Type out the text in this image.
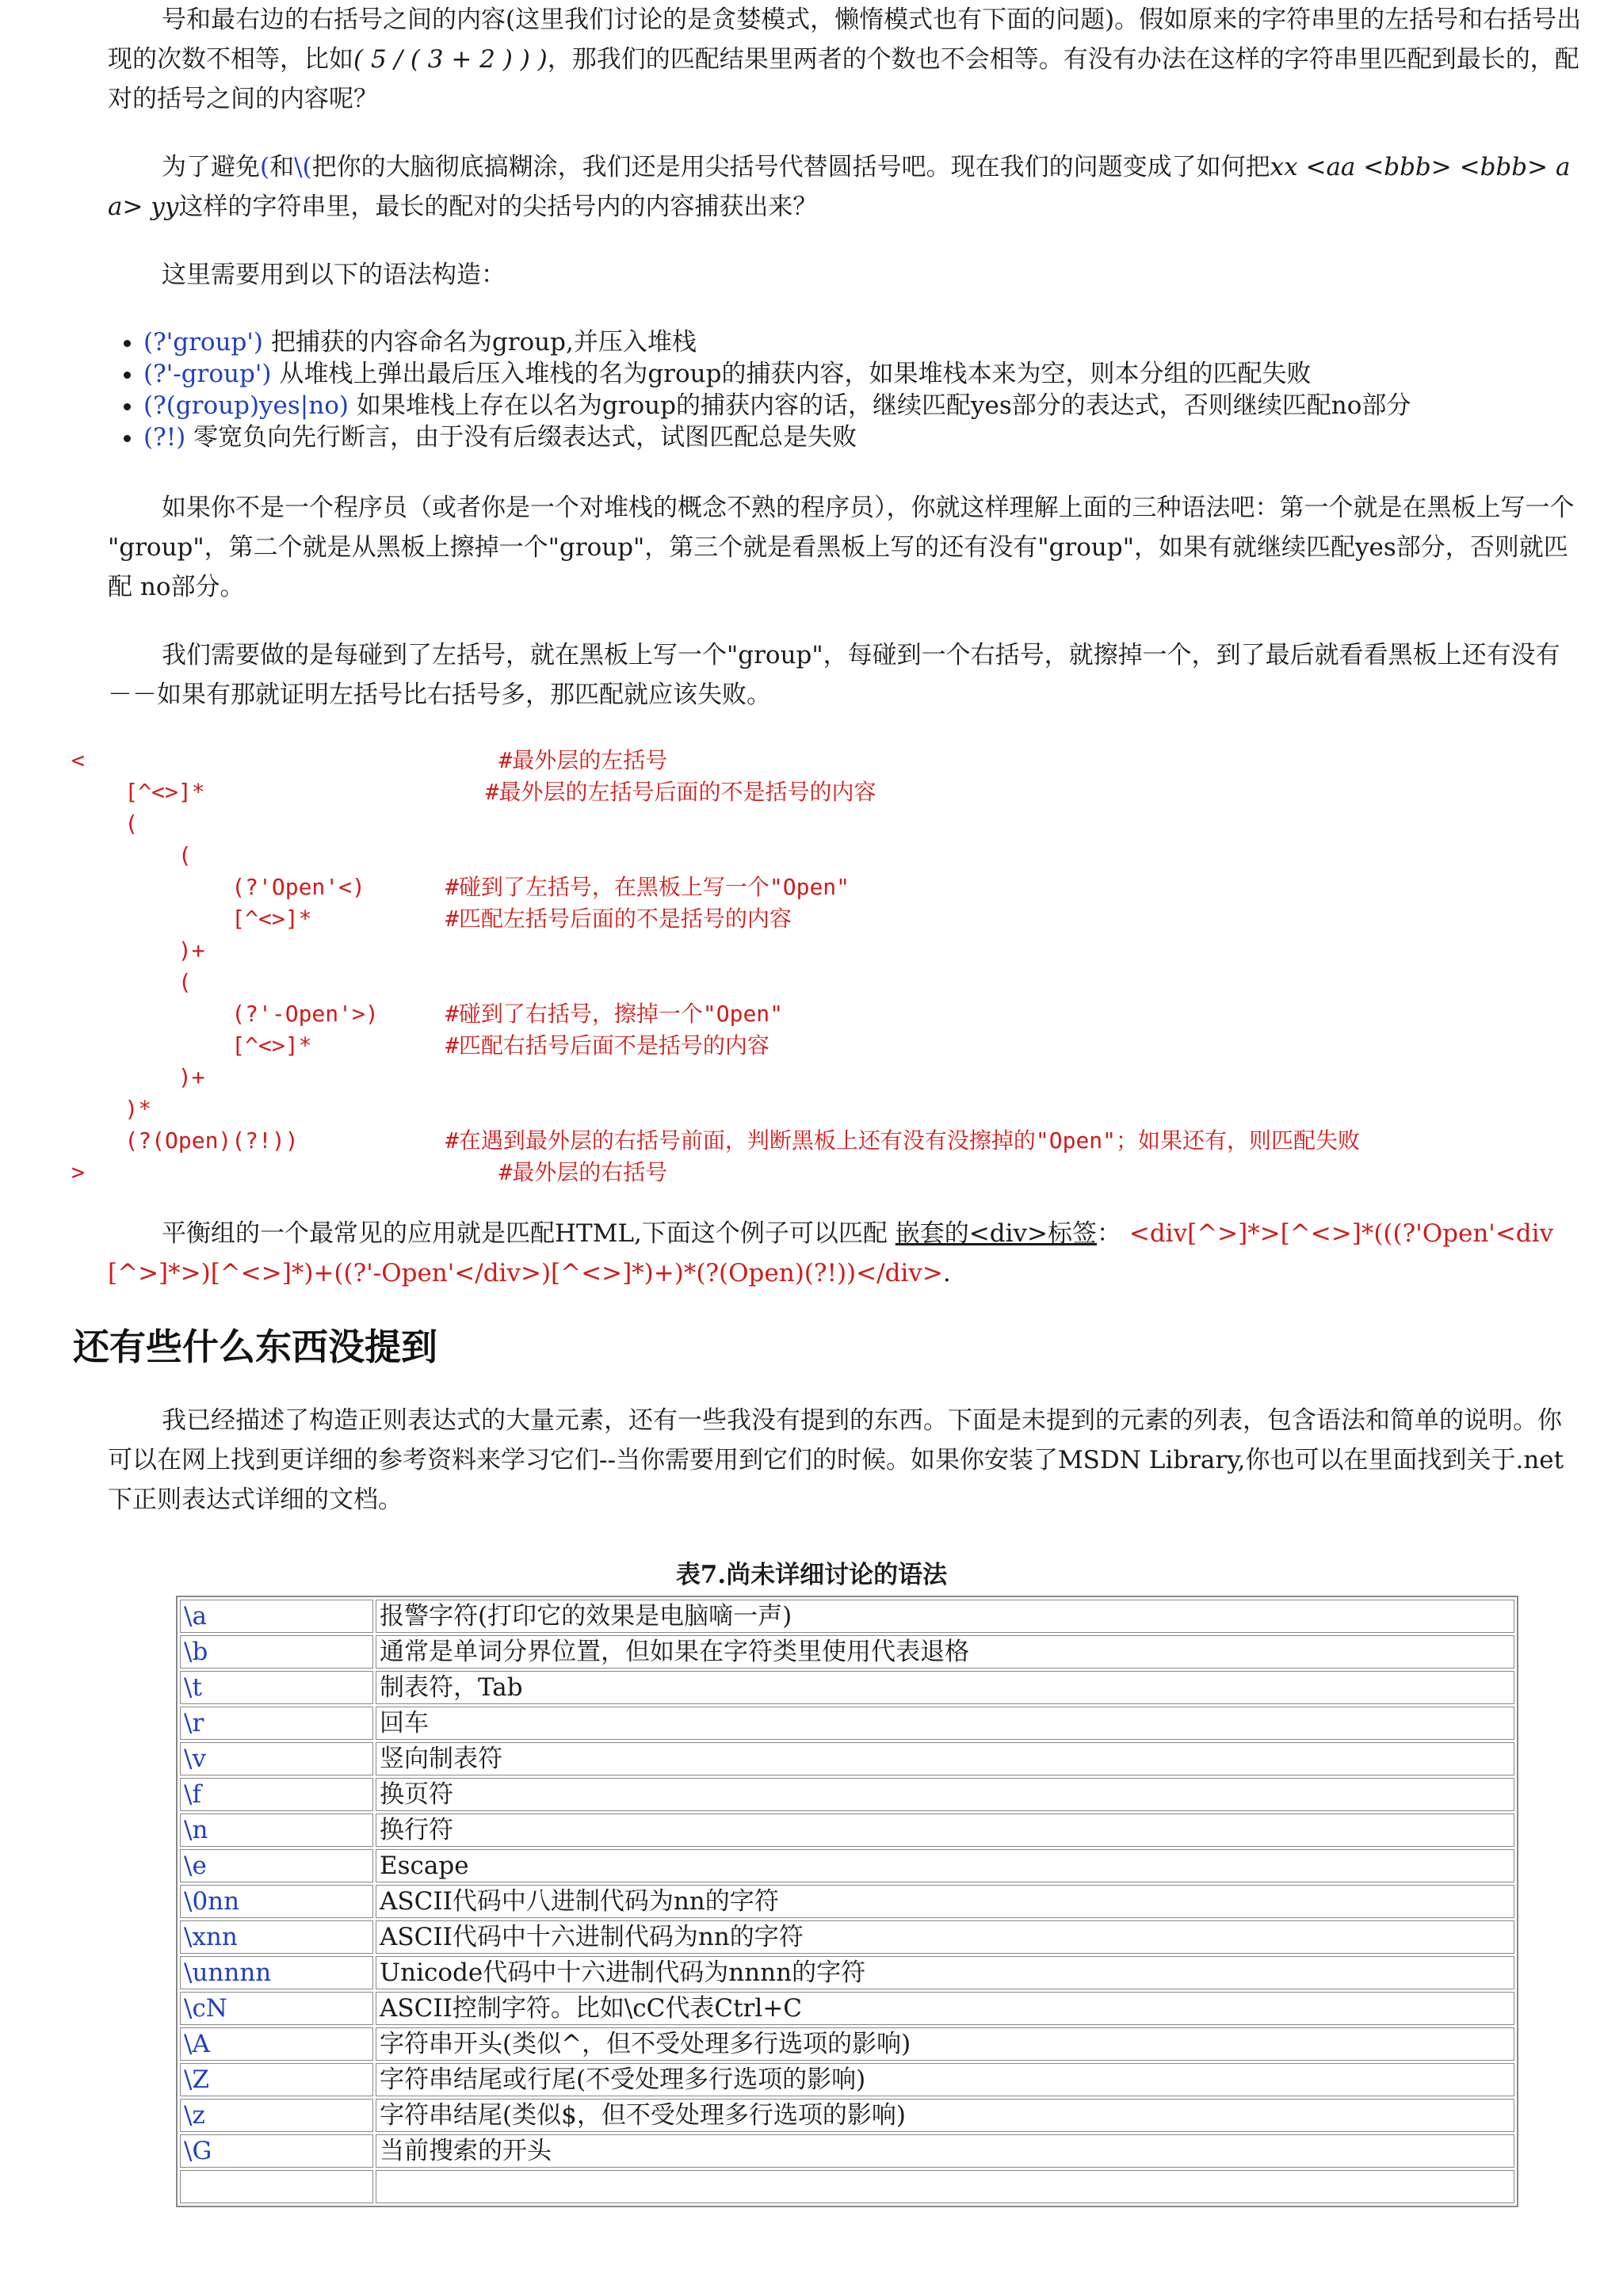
号和最右边的右括号之间的内容(这里我们讨论的是贪婪模式，懒惰模式也有下面的问题)。假如原来的字符串里的左括号和右括号出现的次数不相等，比如( 5 / ( 3 + 2 ) ) )，那我们的匹配结果里两者的个数也不会相等。有没有办法在这样的字符串里匹配到最长的，配对的括号之间的内容呢？

为了避免(和\(把你的大脑彻底搞糊涂，我们还是用尖括号代替圆括号吧。现在我们的问题变成了如何把xx <aa <bbb> <bbb> aa> yy这样的字符串里，最长的配对的尖括号内的内容捕获出来？

这里需要用到以下的语法构造：

• (?'group') 把捕获的内容命名为group,并压入堆栈
• (?'-group') 从堆栈上弹出最后压入堆栈的名为group的捕获内容，如果堆栈本来为空，则本分组的匹配失败
• (?(group)yes|no) 如果堆栈上存在以名为group的捕获内容的话，继续匹配yes部分的表达式，否则继续匹配no部分
• (?!) 零宽负向先行断言，由于没有后缀表达式，试图匹配总是失败

如果你不是一个程序员（或者你是一个对堆栈的概念不熟的程序员），你就这样理解上面的三种语法吧：第一个就是在黑板上写一个 "group"，第二个就是从黑板上擦掉一个"group"，第三个就是看黑板上写的还有没有"group"，如果有就继续匹配yes部分，否则就匹配 no部分。

我们需要做的是每碰到了左括号，就在黑板上写一个"group"，每碰到一个右括号，就擦掉一个，到了最后就看看黑板上还有没有－－如果有那就证明左括号比右括号多，那匹配就应该失败。

<                               #最外层的左括号
[^<>]*                     #最外层的左括号后面的不是括号的内容
(
(
(?'Open'<)      #碰到了左括号，在黑板上写一个"Open"
[^<>]*          #匹配左括号后面的不是括号的内容
)+
(
(?'-Open'>)     #碰到了右括号，擦掉一个"Open"
[^<>]*          #匹配右括号后面不是括号的内容
)+
)*
(?(Open)(?!))           #在遇到最外层的右括号前面，判断黑板上还有没有没擦掉的"Open"；如果还有，则匹配失败
>                               #最外层的右括号

平衡组的一个最常见的应用就是匹配HTML,下面这个例子可以匹配 嵌套的<div>标签： <div[^>]*>[^<>]*(((?'Open'<div[^>]*>)[^<>]*)+((?'-Open'</div>)[^<>]*)+)*(?(Open)(?!))</div>.

还有些什么东西没提到

我已经描述了构造正则表达式的大量元素，还有一些我没有提到的东西。下面是未提到的元素的列表，包含语法和简单的说明。你可以在网上找到更详细的参考资料来学习它们--当你需要用到它们的时候。如果你安装了MSDN Library,你也可以在里面找到关于.net下正则表达式详细的文档。

表7.尚未详细讨论的语法
\a	报警字符(打印它的效果是电脑嘀一声)
\b	通常是单词分界位置，但如果在字符类里使用代表退格
\t	制表符，Tab
\r	回车
\v	竖向制表符
\f	换页符
\n	换行符
\e	Escape
\0nn	ASCII代码中八进制代码为nn的字符
\xnn	ASCII代码中十六进制代码为nn的字符
\unnnn	Unicode代码中十六进制代码为nnnn的字符
\cN	ASCII控制字符。比如\cC代表Ctrl+C
\A	字符串开头(类似^，但不受处理多行选项的影响)
\Z	字符串结尾或行尾(不受处理多行选项的影响)
\z	字符串结尾(类似$，但不受处理多行选项的影响)
\G	当前搜索的开头
